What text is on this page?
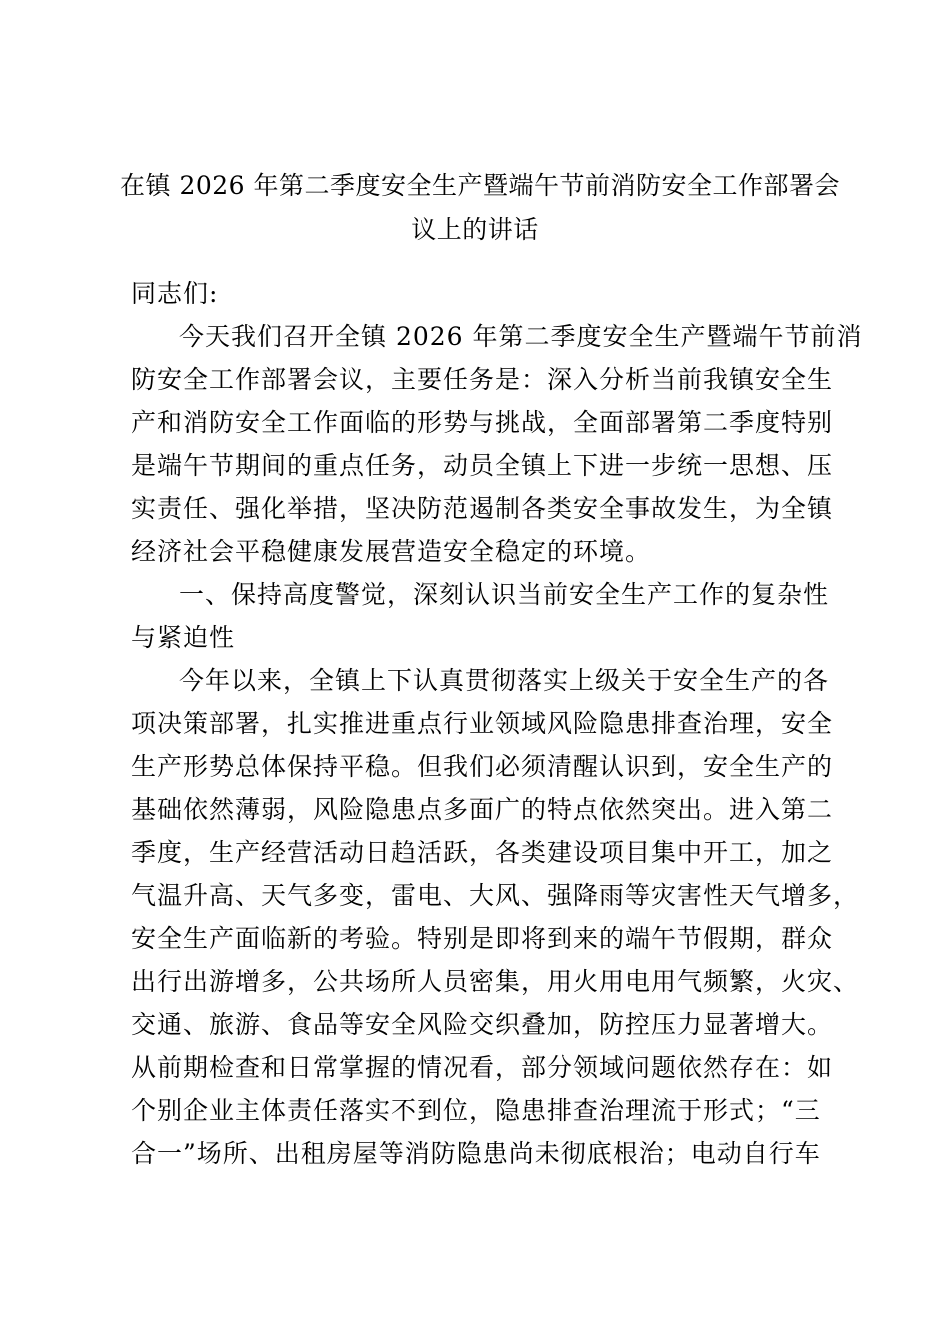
在镇 2026 年第二季度安全生产暨端午节前消防安全工作部署会
议上的讲话
同志们:
今天我们召开全镇 2026 年第二季度安全生产暨端午节前消
防安全工作部署会议，主要任务是：深入分析当前我镇安全生
产和消防安全工作面临的形势与挑战，全面部署第二季度特别
是端午节期间的重点任务，动员全镇上下进一步统一思想、压
实责任、强化举措，坚决防范遏制各类安全事故发生，为全镇
经济社会平稳健康发展营造安全稳定的环境。
一、保持高度警觉，深刻认识当前安全生产工作的复杂性
与紧迫性
今年以来，全镇上下认真贯彻落实上级关于安全生产的各
项决策部署，扎实推进重点行业领域风险隐患排查治理，安全
生产形势总体保持平稳。但我们必须清醒认识到，安全生产的
基础依然薄弱，风险隐患点多面广的特点依然突出。进入第二
季度，生产经营活动日趋活跃，各类建设项目集中开工，加之
气温升高、天气多变，雷电、大风、强降雨等灾害性天气增多，
安全生产面临新的考验。特别是即将到来的端午节假期，群众
出行出游增多，公共场所人员密集，用火用电用气频繁，火灾、
交通、旅游、食品等安全风险交织叠加，防控压力显著增大。
从前期检查和日常掌握的情况看，部分领域问题依然存在：如
个别企业主体责任落实不到位，隐患排查治理流于形式；“三
合一”场所、出租房屋等消防隐患尚未彻底根治；电动自行车
